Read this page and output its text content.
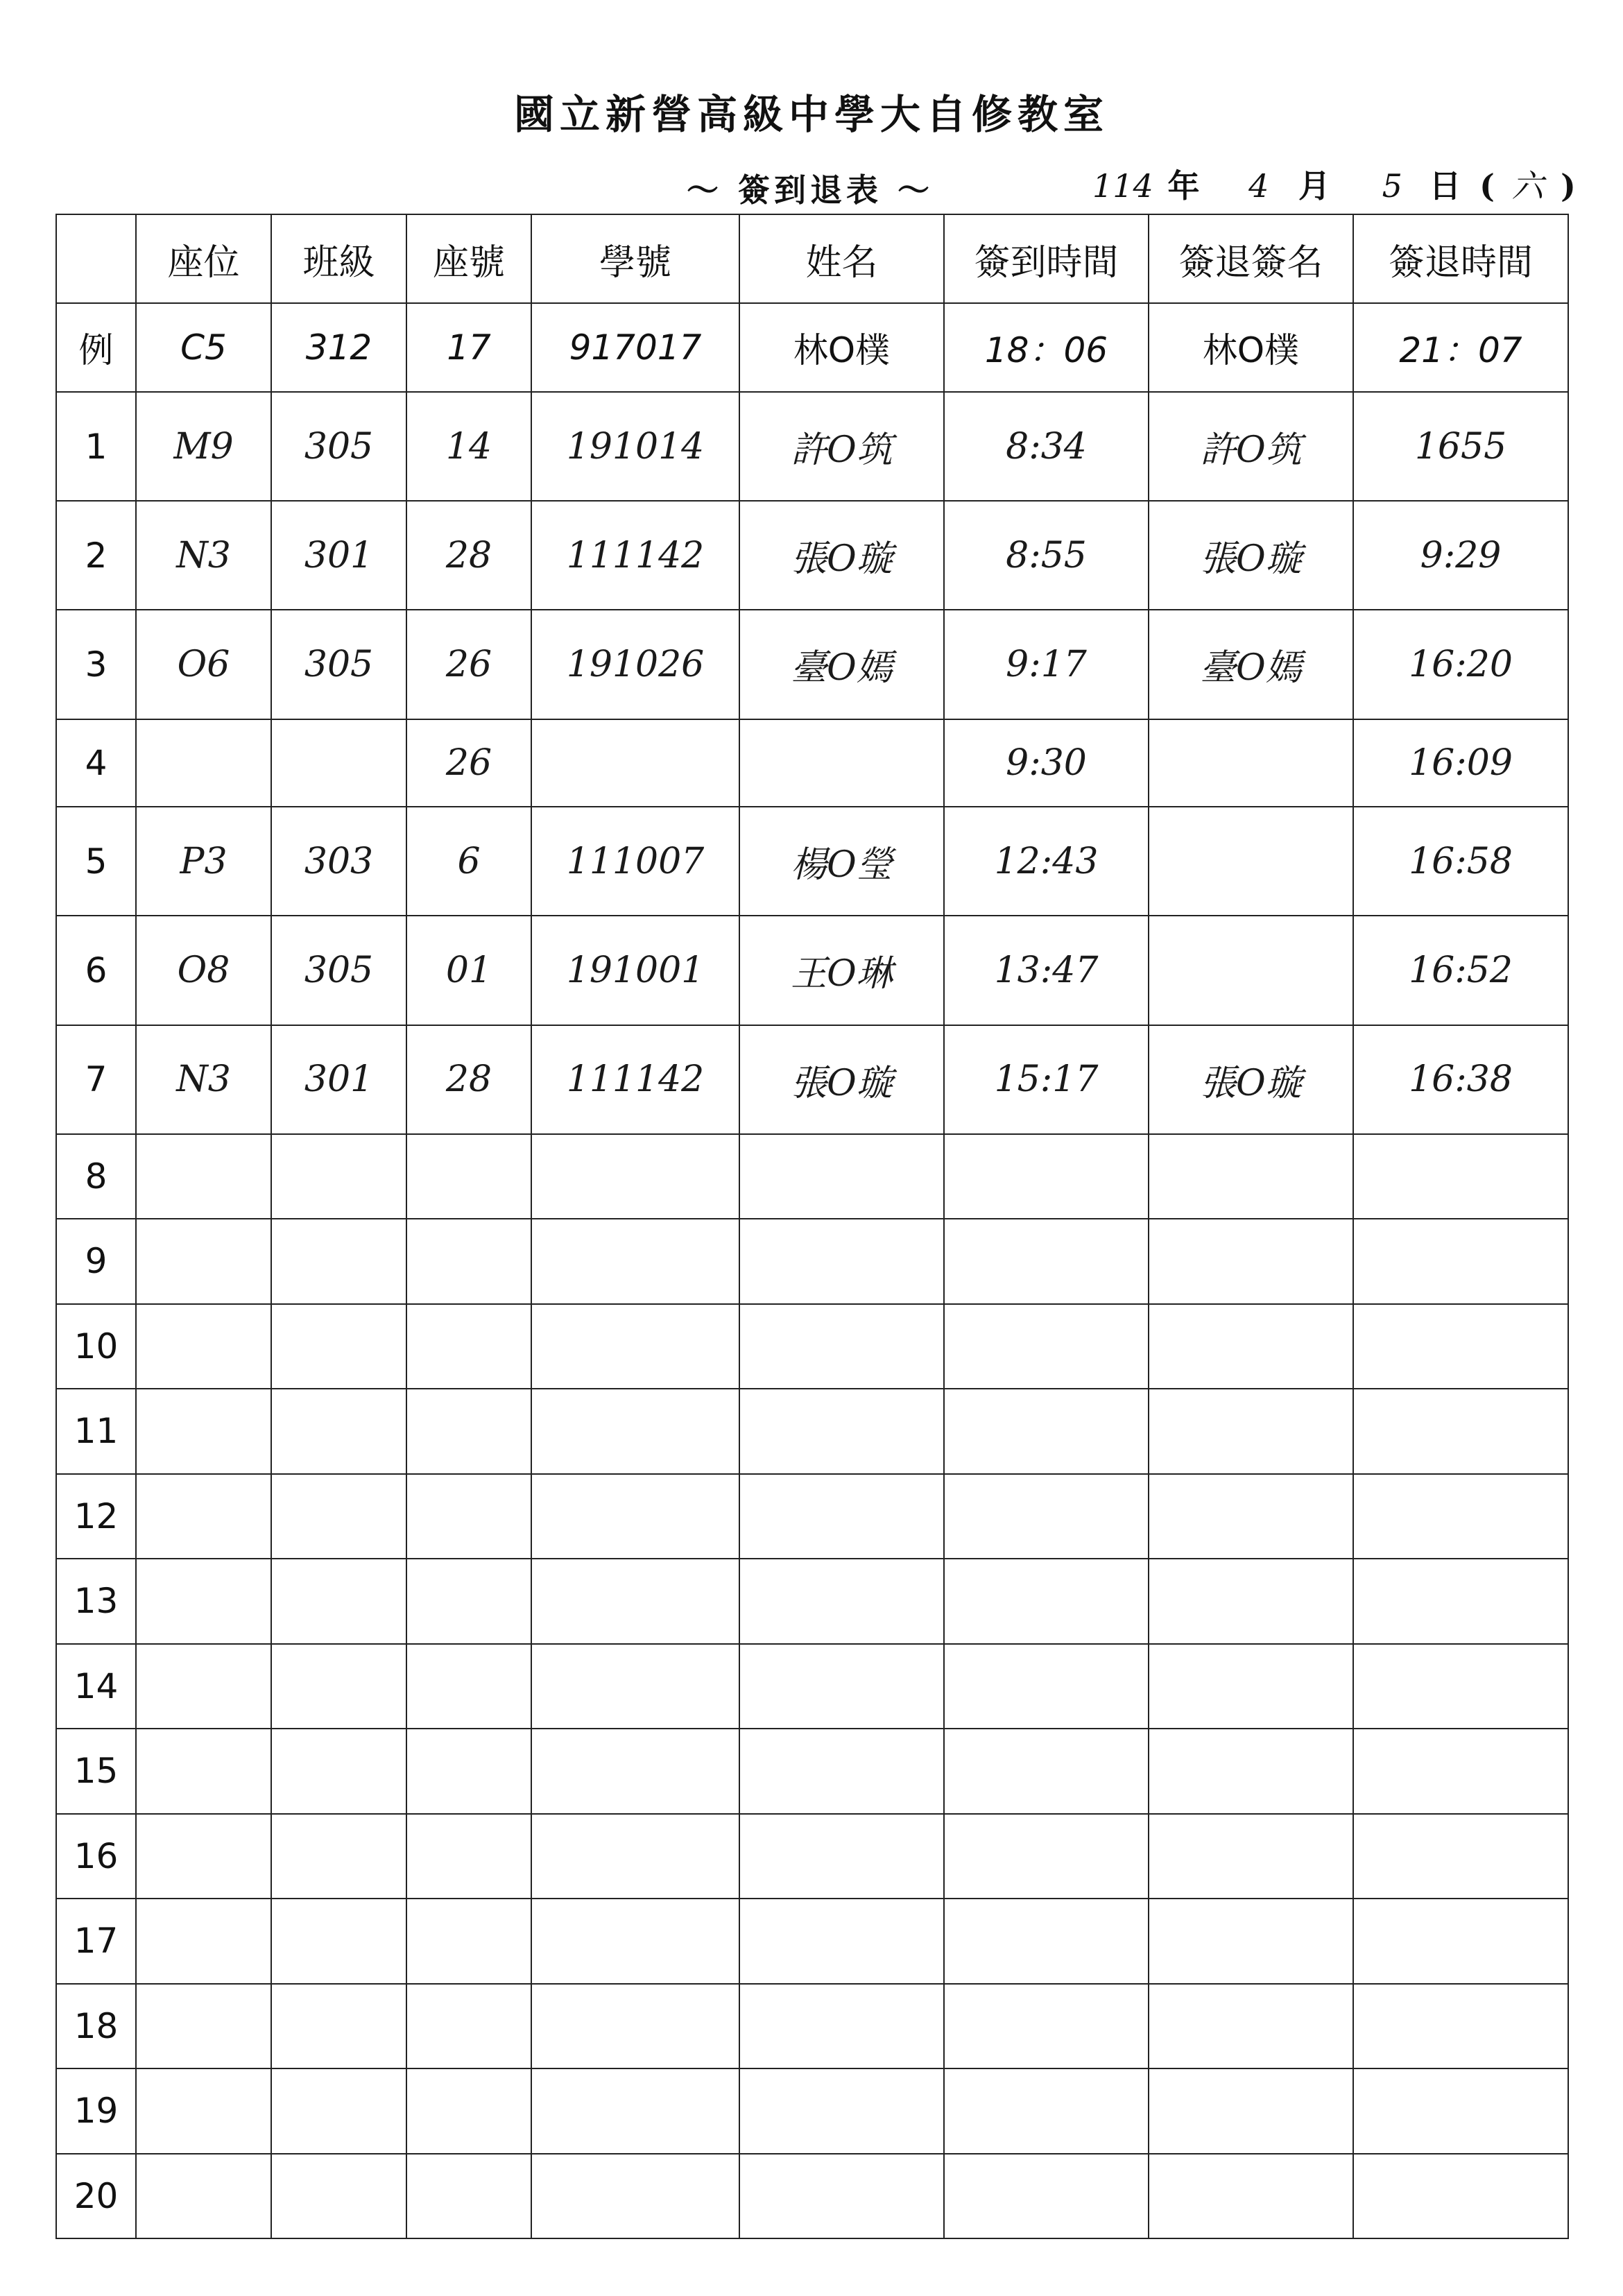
國立新營高級中學大自修教室
～ 簽到退表 ～	114 年 4 月 5 日 ( 六 )
	座位	班級	座號	學號	姓名	簽到時間	簽退簽名	簽退時間
例	C5	312	17	917017	林O樸	18：06	林O樸	21：07
1	M9	305	14	191014	許O筑	8:34	許O筑	1655
2	N3	301	28	111142	張O璇	8:55	張O璇	9:29
3	O6	305	26	191026	臺O嫣	9:17	臺O嫣	16:20
4			26			9:30		16:09
5	P3	303	6	111007	楊O瑩	12:43		16:58
6	O8	305	01	191001	王O琳	13:47		16:52
7	N3	301	28	111142	張O璇	15:17	張O璇	16:38
8								
9								
10								
11								
12								
13								
14								
15								
16								
17								
18								
19								
20								
